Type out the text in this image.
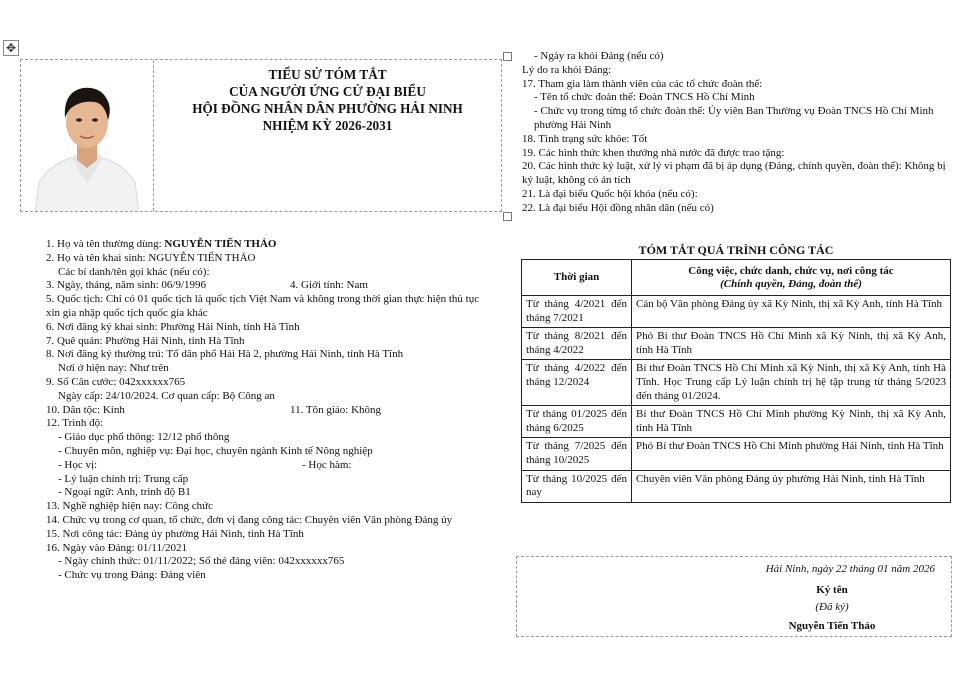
✥
TIỂU SỬ TÓM TẮT
CỦA NGƯỜI ỨNG CỬ ĐẠI BIỂU
HỘI ĐỒNG NHÂN DÂN PHƯỜNG HẢI NINH
NHIỆM KỲ 2026-2031
1. Họ và tên thường dùng: NGUYỄN TIẾN THẢO
2. Họ và tên khai sinh: NGUYỄN TIẾN THẢO
Các bí danh/tên gọi khác (nếu có):
3. Ngày, tháng, năm sinh: 06/9/1996	4. Giới tính: Nam
5. Quốc tịch: Chỉ có 01 quốc tịch là quốc tịch Việt Nam và không trong thời gian thực hiện thủ tục xin gia nhập quốc tịch quốc gia khác
6. Nơi đăng ký khai sinh: Phường Hải Ninh, tỉnh Hà Tĩnh
7. Quê quán: Phường Hải Ninh, tỉnh Hà Tĩnh
8. Nơi đăng ký thường trú: Tổ dân phố Hải Hà 2, phường Hải Ninh, tỉnh Hà Tĩnh
Nơi ở hiện nay: Như trên
9. Số Căn cước: 042xxxxxx765
Ngày cấp: 24/10/2024. Cơ quan cấp: Bộ Công an
10. Dân tộc: Kinh	11. Tôn giáo: Không
12. Trình độ:
- Giáo dục phổ thông: 12/12 phổ thông
- Chuyên môn, nghiệp vụ: Đại học, chuyên ngành Kinh tế Nông nghiệp
- Học vị:	- Học hàm:
- Lý luận chính trị: Trung cấp
- Ngoại ngữ: Anh, trình độ B1
13. Nghề nghiệp hiện nay: Công chức
14. Chức vụ trong cơ quan, tổ chức, đơn vị đang công tác: Chuyên viên Văn phòng Đảng ủy
15. Nơi công tác: Đảng ủy phường Hải Ninh, tỉnh Hà Tĩnh
16. Ngày vào Đảng: 01/11/2021
- Ngày chính thức: 01/11/2022; Số thẻ đảng viên: 042xxxxxx765
- Chức vụ trong Đảng: Đảng viên
- Ngày ra khỏi Đảng (nếu có)
Lý do ra khỏi Đảng:
17. Tham gia làm thành viên của các tổ chức đoàn thể:
- Tên tổ chức đoàn thể: Đoàn TNCS Hồ Chí Minh
- Chức vụ trong từng tổ chức đoàn thể: Ủy viên Ban Thường vụ Đoàn TNCS Hồ Chí Minh phường Hải Ninh
18. Tình trạng sức khỏe: Tốt
19. Các hình thức khen thưởng nhà nước đã được trao tặng:
20. Các hình thức kỷ luật, xử lý vi phạm đã bị áp dụng (Đảng, chính quyền, đoàn thể): Không bị kỷ luật, không có án tích
21. Là đại biểu Quốc hội khóa (nếu có):
22. Là đại biểu Hội đồng nhân dân (nếu có)
TÓM TẮT QUÁ TRÌNH CÔNG TÁC
Thời gian	Công việc, chức danh, chức vụ, nơi công tác
(Chính quyền, Đảng, đoàn thể)

Từ tháng 4/2021 đến tháng 7/2021	Cán bộ Văn phòng Đảng ủy xã Kỳ Ninh, thị xã Kỳ Anh, tỉnh Hà Tĩnh
Từ tháng 8/2021 đến tháng 4/2022	Phó Bí thư Đoàn TNCS Hồ Chí Minh xã Kỳ Ninh, thị xã Kỳ Anh, tỉnh Hà Tĩnh
Từ tháng 4/2022 đến tháng 12/2024	Bí thư Đoàn TNCS Hồ Chí Minh xã Kỳ Ninh, thị xã Kỳ Anh, tỉnh Hà Tĩnh. Học Trung cấp Lý luận chính trị hệ tập trung từ tháng 5/2023 đến tháng 01/2024.
Từ tháng 01/2025 đến tháng 6/2025	Bí thư Đoàn TNCS Hồ Chí Minh phường Kỳ Ninh, thị xã Kỳ Anh, tỉnh Hà Tĩnh
Từ tháng 7/2025 đến tháng 10/2025	Phó Bí thư Đoàn TNCS Hồ Chí Minh phường Hải Ninh, tỉnh Hà Tĩnh
Từ tháng 10/2025 đến nay	Chuyên viên Văn phòng Đảng ủy phường Hải Ninh, tỉnh Hà Tĩnh
Hải Ninh, ngày 22 tháng 01 năm 2026
Ký tên
(Đã ký)
Nguyễn Tiến Thảo
